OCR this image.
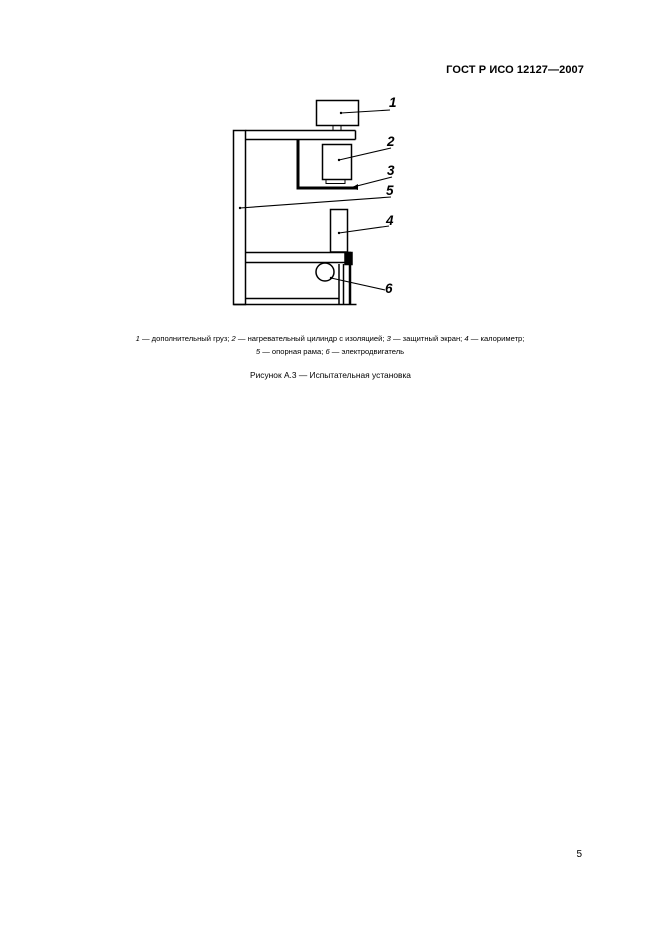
ГОСТ Р ИСО 12127—2007
1
2
3
5
4
6
1 — дополнительный груз; 2 — нагревательный цилиндр с изоляцией; 3 — защитный экран; 4 — калориметр;
5 — опорная рама; 6 — электродвигатель
Рисунок А.3 — Испытательная установка
5
